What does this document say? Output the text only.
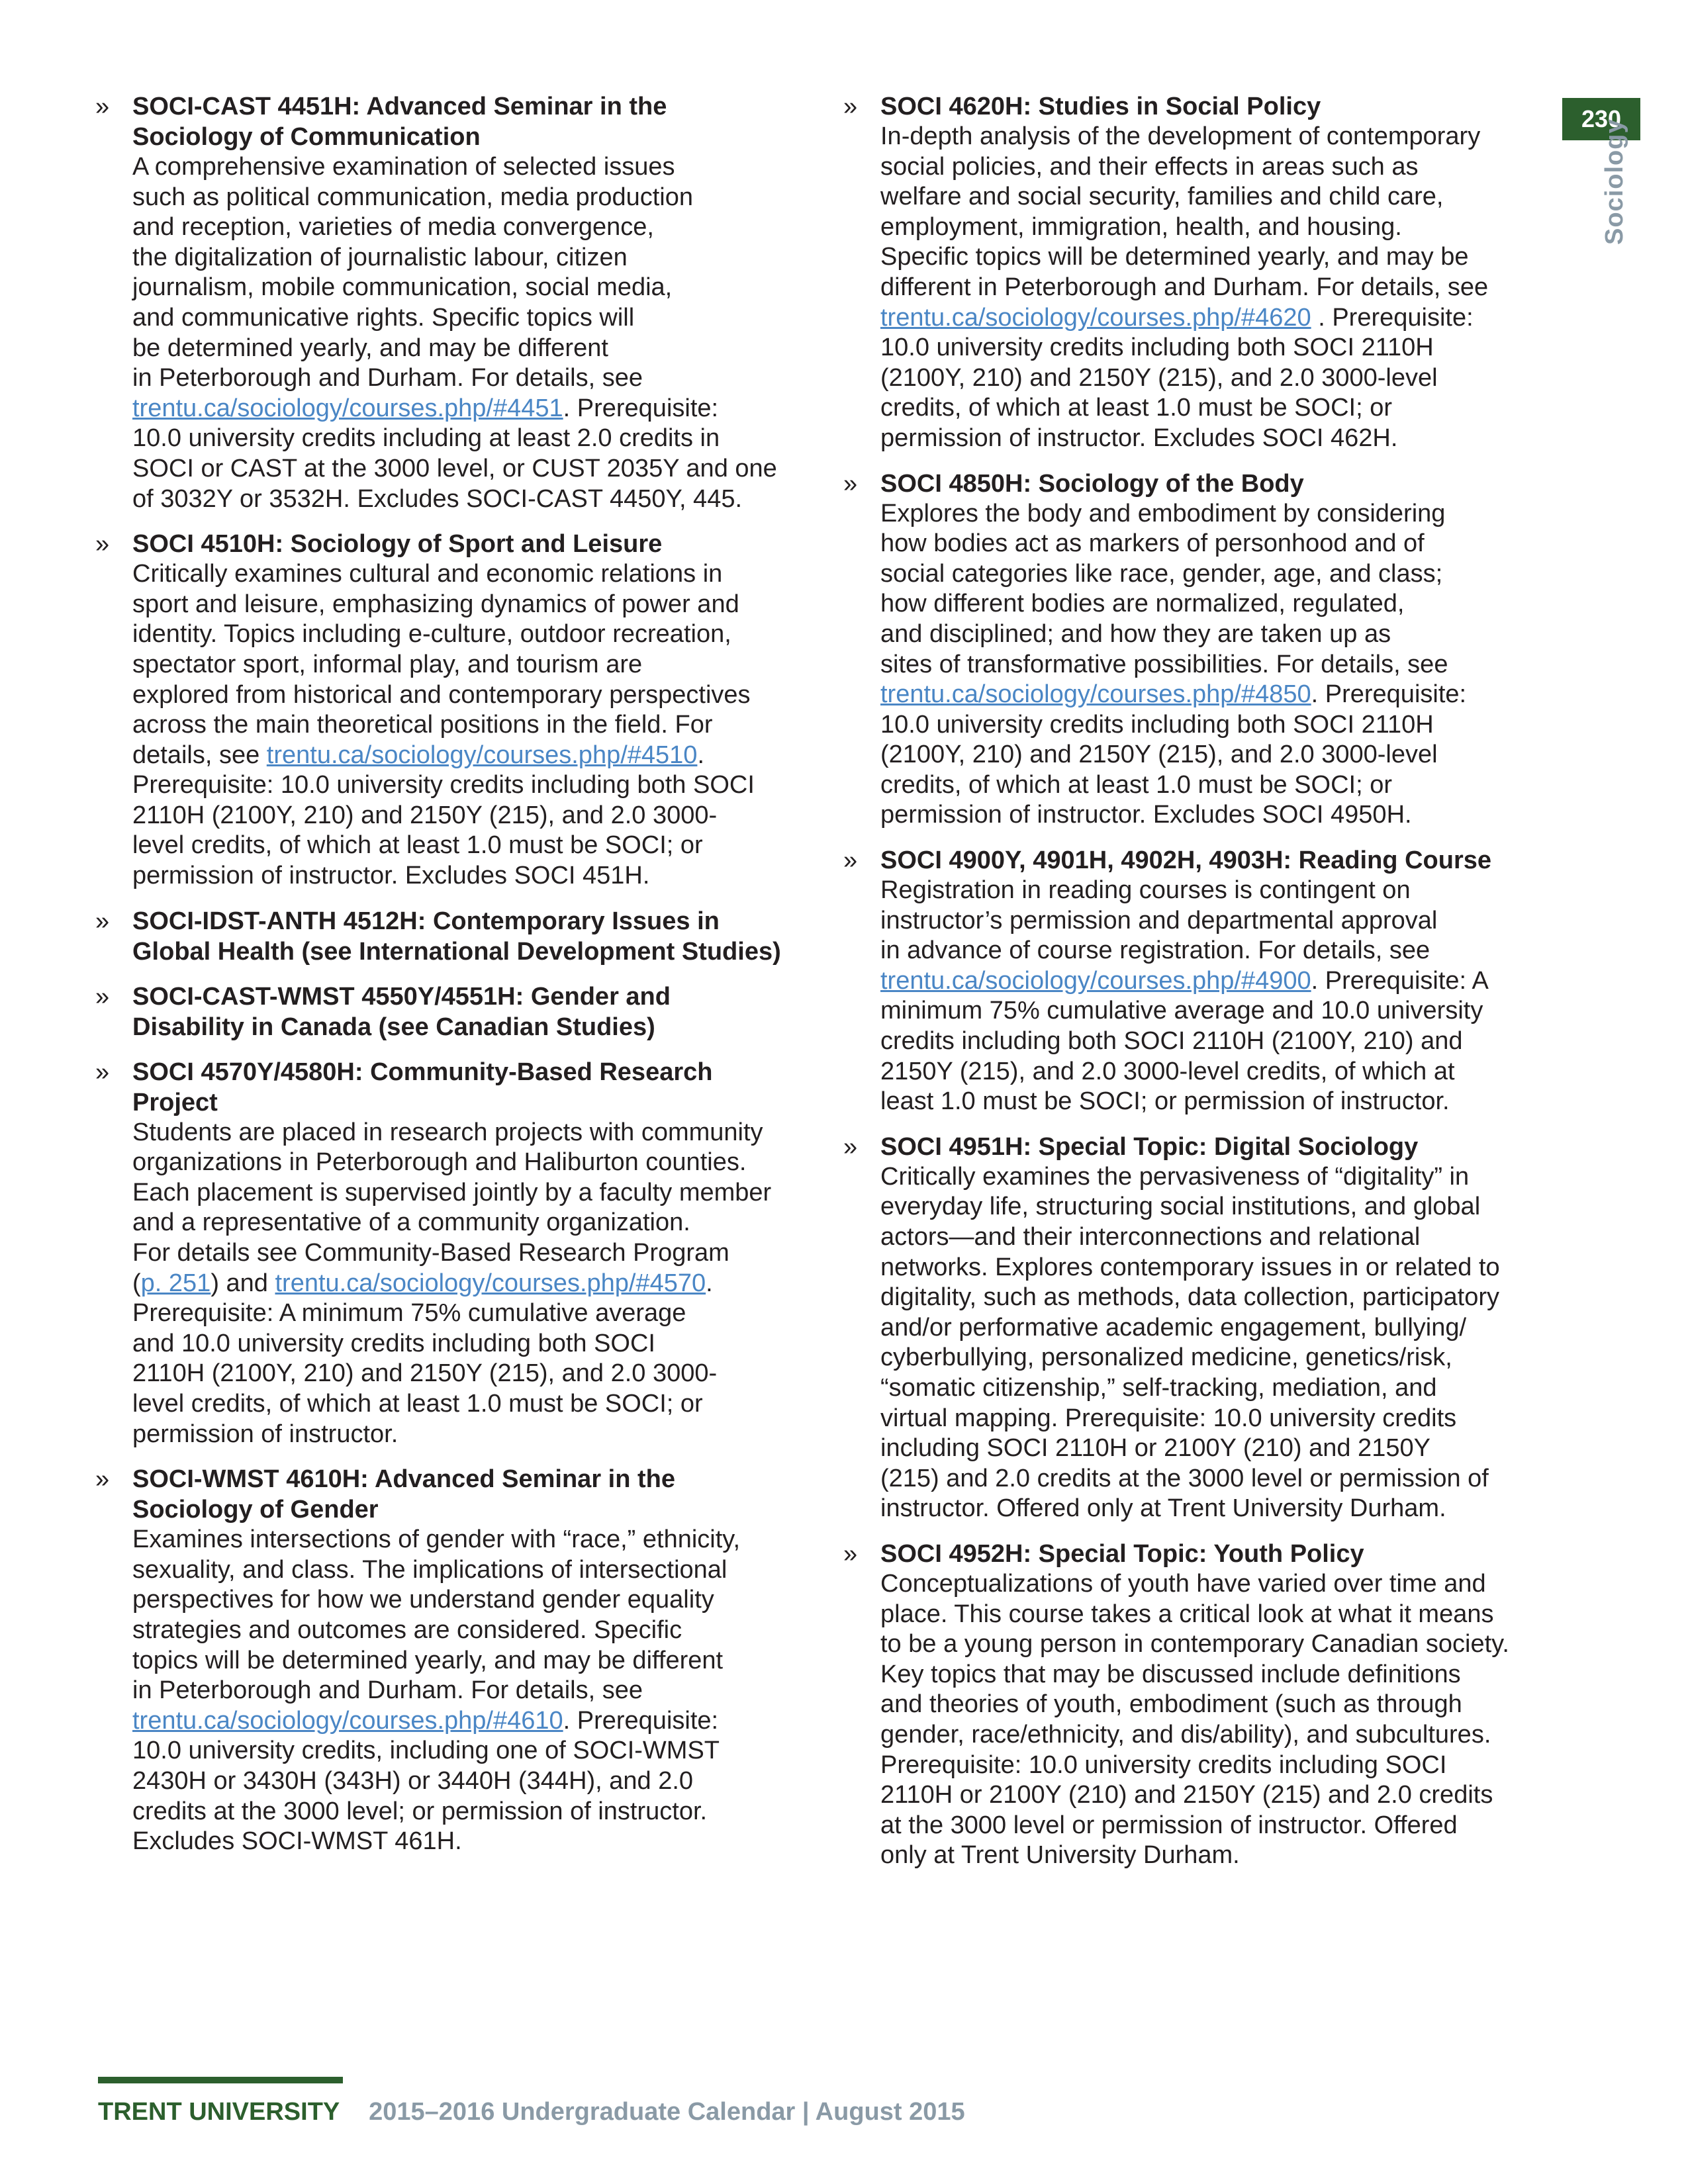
230
Sociology
» SOCI-CAST 4451H: Advanced Seminar in the Sociology of Communication
A comprehensive examination of selected issues
such as political communication, media production
and reception, varieties of media convergence,
the digitalization of journalistic labour, citizen
journalism, mobile communication, social media,
and communicative rights. Specific topics will
be determined yearly, and may be different
in Peterborough and Durham. For details, see
trentu.ca/sociology/courses.php/#4451. Prerequisite:
10.0 university credits including at least 2.0 credits in
SOCI or CAST at the 3000 level, or CUST 2035Y and one
of 3032Y or 3532H. Excludes SOCI-CAST 4450Y, 445.
» SOCI 4510H: Sociology of Sport and Leisure
Critically examines cultural and economic relations in
sport and leisure, emphasizing dynamics of power and
identity. Topics including e-culture, outdoor recreation,
spectator sport, informal play, and tourism are
explored from historical and contemporary perspectives
across the main theoretical positions in the field. For
details, see trentu.ca/sociology/courses.php/#4510.
Prerequisite: 10.0 university credits including both SOCI
2110H (2100Y, 210) and 2150Y (215), and 2.0 3000-
level credits, of which at least 1.0 must be SOCI; or
permission of instructor. Excludes SOCI 451H.
» SOCI-IDST-ANTH 4512H: Contemporary Issues in Global Health (see International Development Studies)
» SOCI-CAST-WMST 4550Y/4551H: Gender and Disability in Canada (see Canadian Studies)
» SOCI 4570Y/4580H: Community-Based Research Project
Students are placed in research projects with community
organizations in Peterborough and Haliburton counties.
Each placement is supervised jointly by a faculty member
and a representative of a community organization.
For details see Community-Based Research Program
(p. 251) and trentu.ca/sociology/courses.php/#4570.
Prerequisite: A minimum 75% cumulative average
and 10.0 university credits including both SOCI
2110H (2100Y, 210) and 2150Y (215), and 2.0 3000-
level credits, of which at least 1.0 must be SOCI; or
permission of instructor.
» SOCI-WMST 4610H: Advanced Seminar in the Sociology of Gender
Examines intersections of gender with “race,” ethnicity,
sexuality, and class. The implications of intersectional
perspectives for how we understand gender equality
strategies and outcomes are considered. Specific
topics will be determined yearly, and may be different
in Peterborough and Durham. For details, see
trentu.ca/sociology/courses.php/#4610. Prerequisite:
10.0 university credits, including one of SOCI-WMST
2430H or 3430H (343H) or 3440H (344H), and 2.0
credits at the 3000 level; or permission of instructor.
Excludes SOCI-WMST 461H.
» SOCI 4620H: Studies in Social Policy
In-depth analysis of the development of contemporary
social policies, and their effects in areas such as
welfare and social security, families and child care,
employment, immigration, health, and housing.
Specific topics will be determined yearly, and may be
different in Peterborough and Durham. For details, see
trentu.ca/sociology/courses.php/#4620 . Prerequisite:
10.0 university credits including both SOCI 2110H
(2100Y, 210) and 2150Y (215), and 2.0 3000-level
credits, of which at least 1.0 must be SOCI; or
permission of instructor. Excludes SOCI 462H.
» SOCI 4850H: Sociology of the Body
Explores the body and embodiment by considering
how bodies act as markers of personhood and of
social categories like race, gender, age, and class;
how different bodies are normalized, regulated,
and disciplined; and how they are taken up as
sites of transformative possibilities. For details, see
trentu.ca/sociology/courses.php/#4850. Prerequisite:
10.0 university credits including both SOCI 2110H
(2100Y, 210) and 2150Y (215), and 2.0 3000-level
credits, of which at least 1.0 must be SOCI; or
permission of instructor. Excludes SOCI 4950H.
» SOCI 4900Y, 4901H, 4902H, 4903H: Reading Course
Registration in reading courses is contingent on
instructor’s permission and departmental approval
in advance of course registration. For details, see
trentu.ca/sociology/courses.php/#4900. Prerequisite: A
minimum 75% cumulative average and 10.0 university
credits including both SOCI 2110H (2100Y, 210) and
2150Y (215), and 2.0 3000-level credits, of which at
least 1.0 must be SOCI; or permission of instructor.
» SOCI 4951H: Special Topic: Digital Sociology
Critically examines the pervasiveness of “digitality” in
everyday life, structuring social institutions, and global
actors—and their interconnections and relational
networks. Explores contemporary issues in or related to
digitality, such as methods, data collection, participatory
and/or performative academic engagement, bullying/
cyberbullying, personalized medicine, genetics/risk,
“somatic citizenship,” self-tracking, mediation, and
virtual mapping. Prerequisite: 10.0 university credits
including SOCI 2110H or 2100Y (210) and 2150Y
(215) and 2.0 credits at the 3000 level or permission of
instructor. Offered only at Trent University Durham.
» SOCI 4952H: Special Topic: Youth Policy
Conceptualizations of youth have varied over time and
place. This course takes a critical look at what it means
to be a young person in contemporary Canadian society.
Key topics that may be discussed include definitions
and theories of youth, embodiment (such as through
gender, race/ethnicity, and dis/ability), and subcultures.
Prerequisite: 10.0 university credits including SOCI
2110H or 2100Y (210) and 2150Y (215) and 2.0 credits
at the 3000 level or permission of instructor. Offered
only at Trent University Durham.
TRENT UNIVERSITY 2015–2016 Undergraduate Calendar | August 2015
